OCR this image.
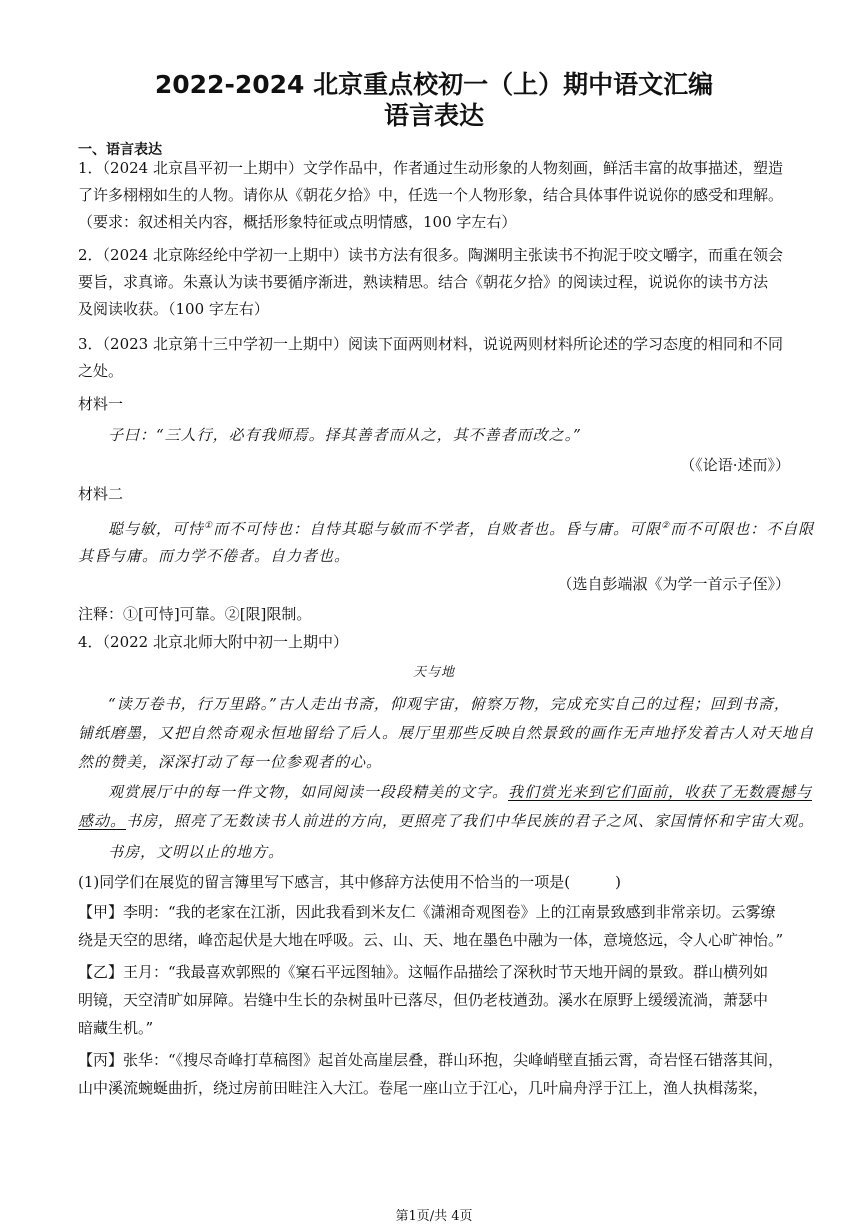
2022-2024 北京重点校初一（上）期中语文汇编
语言表达
一、语言表达
1．（2024 北京昌平初一上期中）文学作品中，作者通过生动形象的人物刻画，鲜活丰富的故事描述，塑造
了许多栩栩如生的人物。请你从《朝花夕拾》中，任选一个人物形象，结合具体事件说说你的感受和理解。
（要求：叙述相关内容，概括形象特征或点明情感，100 字左右）
2．（2024 北京陈经纶中学初一上期中）读书方法有很多。陶渊明主张读书不拘泥于咬文嚼字，而重在领会
要旨，求真谛。朱熹认为读书要循序渐进，熟读精思。结合《朝花夕拾》的阅读过程，说说你的读书方法
及阅读收获。（100 字左右）
3．（2023 北京第十三中学初一上期中）阅读下面两则材料，说说两则材料所论述的学习态度的相同和不同
之处。
材料一
子曰：“三人行，必有我师焉。择其善者而从之，其不善者而改之。”
（《论语·述而》）
材料二
聪与敏，可恃①而不可恃也：自恃其聪与敏而不学者，自败者也。昏与庸。可限②而不可限也：不自限
其昏与庸。而力学不倦者。自力者也。
（选自彭端淑《为学一首示子侄》）
注释：①[可恃]可靠。②[限]限制。
4．（2022 北京北师大附中初一上期中）
天与地
“读万卷书，行万里路。”古人走出书斋，仰观宇宙，俯察万物，完成充实自己的过程；回到书斋，
铺纸磨墨，又把自然奇观永恒地留给了后人。展厅里那些反映自然景致的画作无声地抒发着古人对天地自
然的赞美，深深打动了每一位参观者的心。
观赏展厅中的每一件文物，如同阅读一段段精美的文字。我们赏光来到它们面前，收获了无数震撼与
感动。书房，照亮了无数读书人前进的方向，更照亮了我们中华民族的君子之风、家国情怀和宇宙大观。
书房，文明以止的地方。
(1)同学们在展览的留言簿里写下感言，其中修辞方法使用不恰当的一项是(　　　)
【甲】李明：“我的老家在江浙，因此我看到米友仁《潇湘奇观图卷》上的江南景致感到非常亲切。云雾缭
绕是天空的思绪，峰峦起伏是大地在呼吸。云、山、天、地在墨色中融为一体，意境悠远，令人心旷神怡。”
【乙】王月：“我最喜欢郭熙的《窠石平远图轴》。这幅作品描绘了深秋时节天地开阔的景致。群山横列如
明镜，天空清旷如屏障。岩缝中生长的杂树虽叶已落尽，但仍老枝遒劲。溪水在原野上缓缓流淌，萧瑟中
暗藏生机。”
【丙】张华：“《搜尽奇峰打草稿图》起首处高崖层叠，群山环抱，尖峰峭壁直插云霄，奇岩怪石错落其间，
山中溪流蜿蜒曲折，绕过房前田畦注入大江。卷尾一座山立于江心，几叶扁舟浮于江上，渔人执楫荡桨，
第1页/共 4页
